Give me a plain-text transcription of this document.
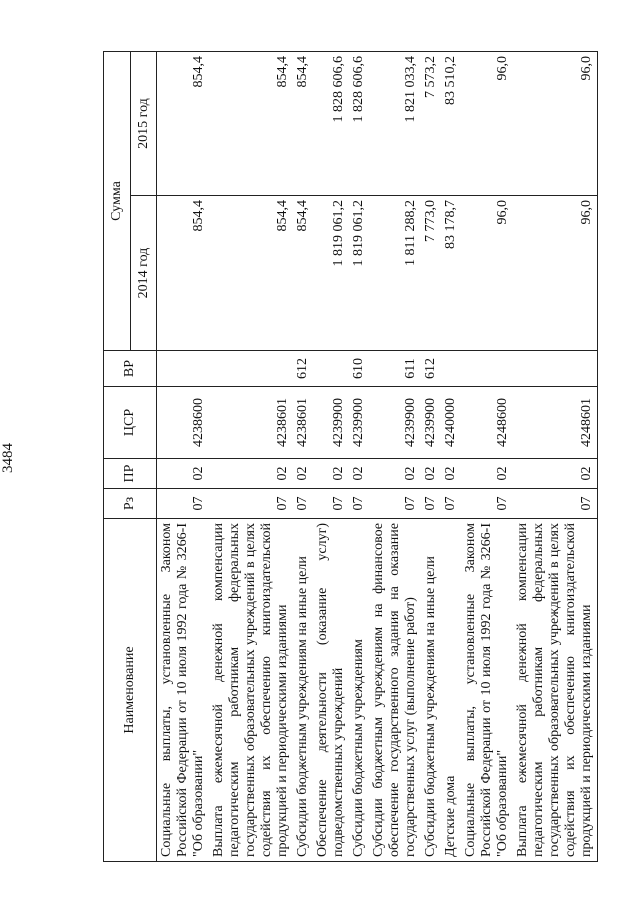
3484
Наименование	Рз	ПР	ЦСР	ВР	Сумма	
					2014 год	2015 год
Социальные выплаты, установленные Законом Российской Федерации от 10 июля 1992 года № 3266-I "Об образовании"	07	02	4238600		854,4	854,4
Выплата ежемесячной денежной компенсации педагогическим работникам федеральных государственных образовательных учреждений в целях содействия их обеспечению книгоиздательской продукцией и периодическими изданиями	07	02	4238601		854,4	854,4
Субсидии бюджетным учреждениям на иные цели	07	02	4238601	612	854,4	854,4
Обеспечение деятельности (оказание услуг) подведомственных учреждений	07	02	4239900		1 819 061,2	1 828 606,6
Субсидии бюджетным учреждениям	07	02	4239900	610	1 819 061,2	1 828 606,6
Субсидии бюджетным учреждениям на финансовое обеспечение государственного задания на оказание государственных услуг (выполнение работ)	07	02	4239900	611	1 811 288,2	1 821 033,4
Субсидии бюджетным учреждениям на иные цели	07	02	4239900	612	7 773,0	7 573,2
Детские дома	07	02	4240000		83 178,7	83 510,2
Социальные выплаты, установленные Законом Российской Федерации от 10 июля 1992 года № 3266-I "Об образовании"	07	02	4248600		96,0	96,0
Выплата ежемесячной денежной компенсации педагогическим работникам федеральных государственных образовательных учреждений в целях содействия их обеспечению книгоиздательской продукцией и периодическими изданиями	07	02	4248601		96,0	96,0
